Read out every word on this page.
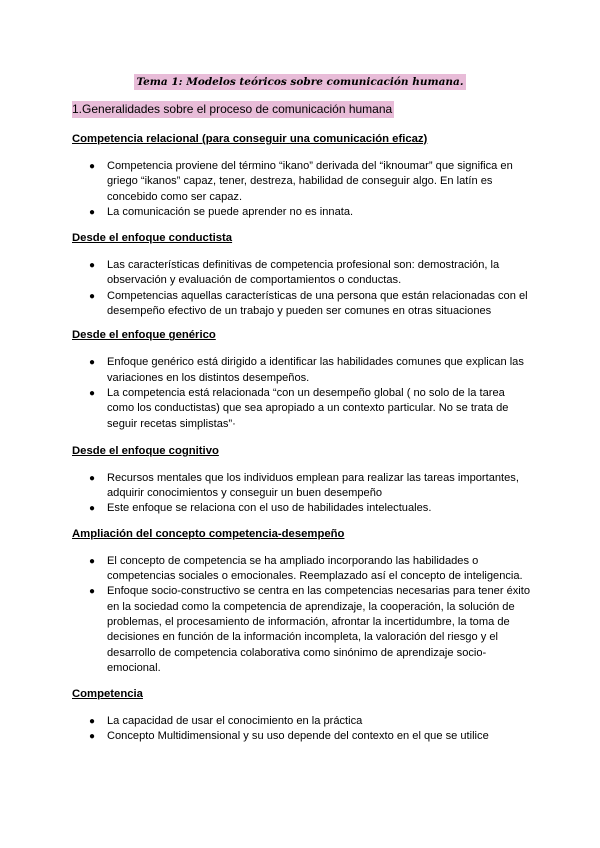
Tema 1: Modelos teóricos sobre comunicación humana.
1.Generalidades sobre el proceso de comunicación humana

Competencia relacional (para conseguir una comunicación eficaz)

● Competencia proviene del término “ikano” derivada del “iknoumar” que significa en griego “ikanos” capaz, tener, destreza, habilidad de conseguir algo. En latín es concebido como ser capaz.
● La comunicación se puede aprender no es innata.

Desde el enfoque conductista

● Las características definitivas de competencia profesional son: demostración, la observación y evaluación de comportamientos o conductas.
● Competencias aquellas características de una persona que están relacionadas con el desempeño efectivo de un trabajo y pueden ser comunes en otras situaciones

Desde el enfoque genérico

● Enfoque genérico está dirigido a identificar las habilidades comunes que explican las variaciones en los distintos desempeños.
● La competencia está relacionada “con un desempeño global ( no solo de la tarea como los conductistas) que sea apropiado a un contexto particular. No se trata de seguir recetas simplistas”·

Desde el enfoque cognitivo

● Recursos mentales que los individuos emplean para realizar las tareas importantes, adquirir conocimientos y conseguir un buen desempeño
● Este enfoque se relaciona con el uso de habilidades intelectuales.

Ampliación del concepto competencia-desempeño

● El concepto de competencia se ha ampliado incorporando las habilidades o competencias sociales o emocionales. Reemplazado así el concepto de inteligencia.
● Enfoque socio-constructivo se centra en las competencias necesarias para tener éxito en la sociedad como la competencia de aprendizaje, la cooperación, la solución de problemas, el procesamiento de información, afrontar la incertidumbre, la toma de decisiones en función de la información incompleta, la valoración del riesgo y el desarrollo de competencia colaborativa como sinónimo de aprendizaje socio-emocional.

Competencia

● La capacidad de usar el conocimiento en la práctica
● Concepto Multidimensional y su uso depende del contexto en el que se utilice
